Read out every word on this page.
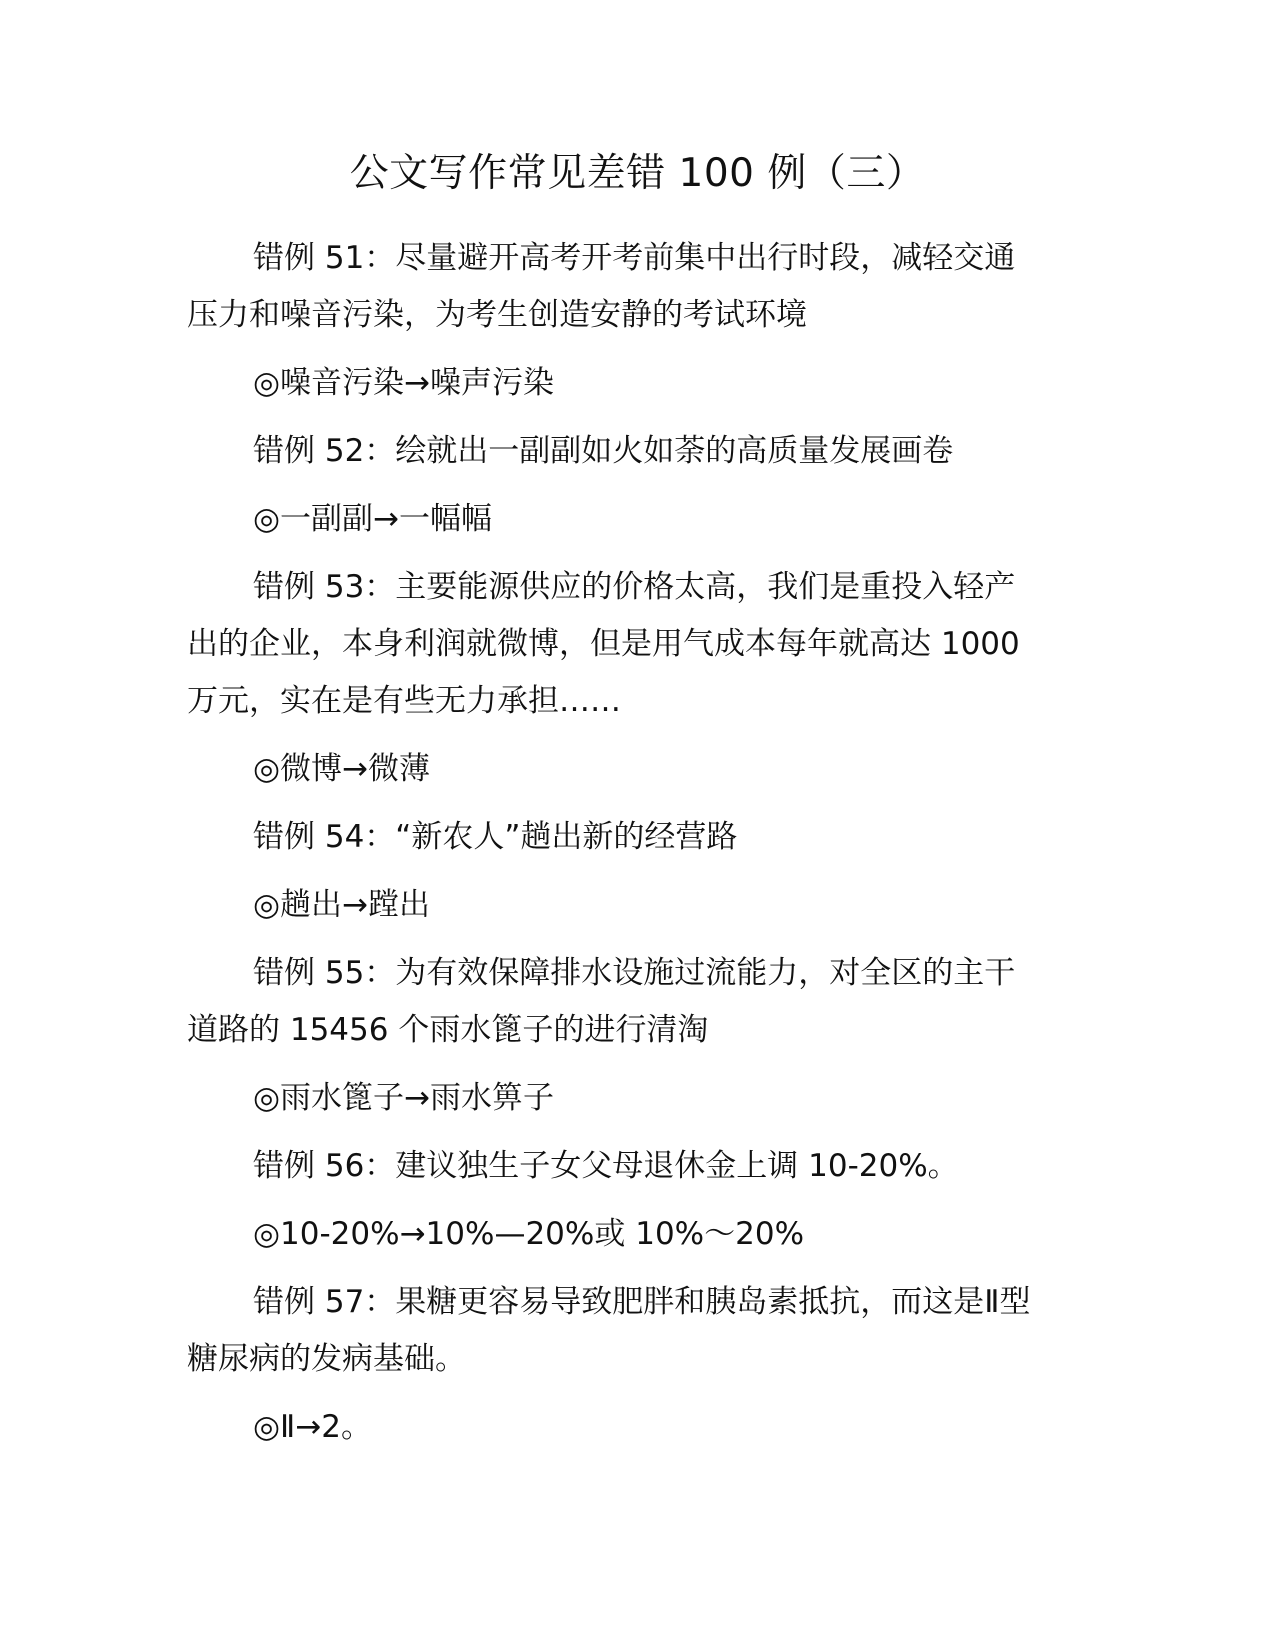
公文写作常见差错 100 例（三）
错例 51：尽量避开高考开考前集中出行时段，减轻交通
压力和噪音污染，为考生创造安静的考试环境
◎噪音污染→噪声污染
错例 52：绘就出一副副如火如荼的高质量发展画卷
◎一副副→一幅幅
错例 53：主要能源供应的价格太高，我们是重投入轻产
出的企业，本身利润就微博，但是用气成本每年就高达 1000
万元，实在是有些无力承担……
◎微博→微薄
错例 54：“新农人”趟出新的经营路
◎趟出→蹚出
错例 55：为有效保障排水设施过流能力，对全区的主干
道路的 15456 个雨水篦子的进行清淘
◎雨水篦子→雨水箅子
错例 56：建议独生子女父母退休金上调 10-20%。
◎10-20%→10%—20%或 10%～20%
错例 57：果糖更容易导致肥胖和胰岛素抵抗，而这是Ⅱ型
糖尿病的发病基础。
◎Ⅱ→2。
